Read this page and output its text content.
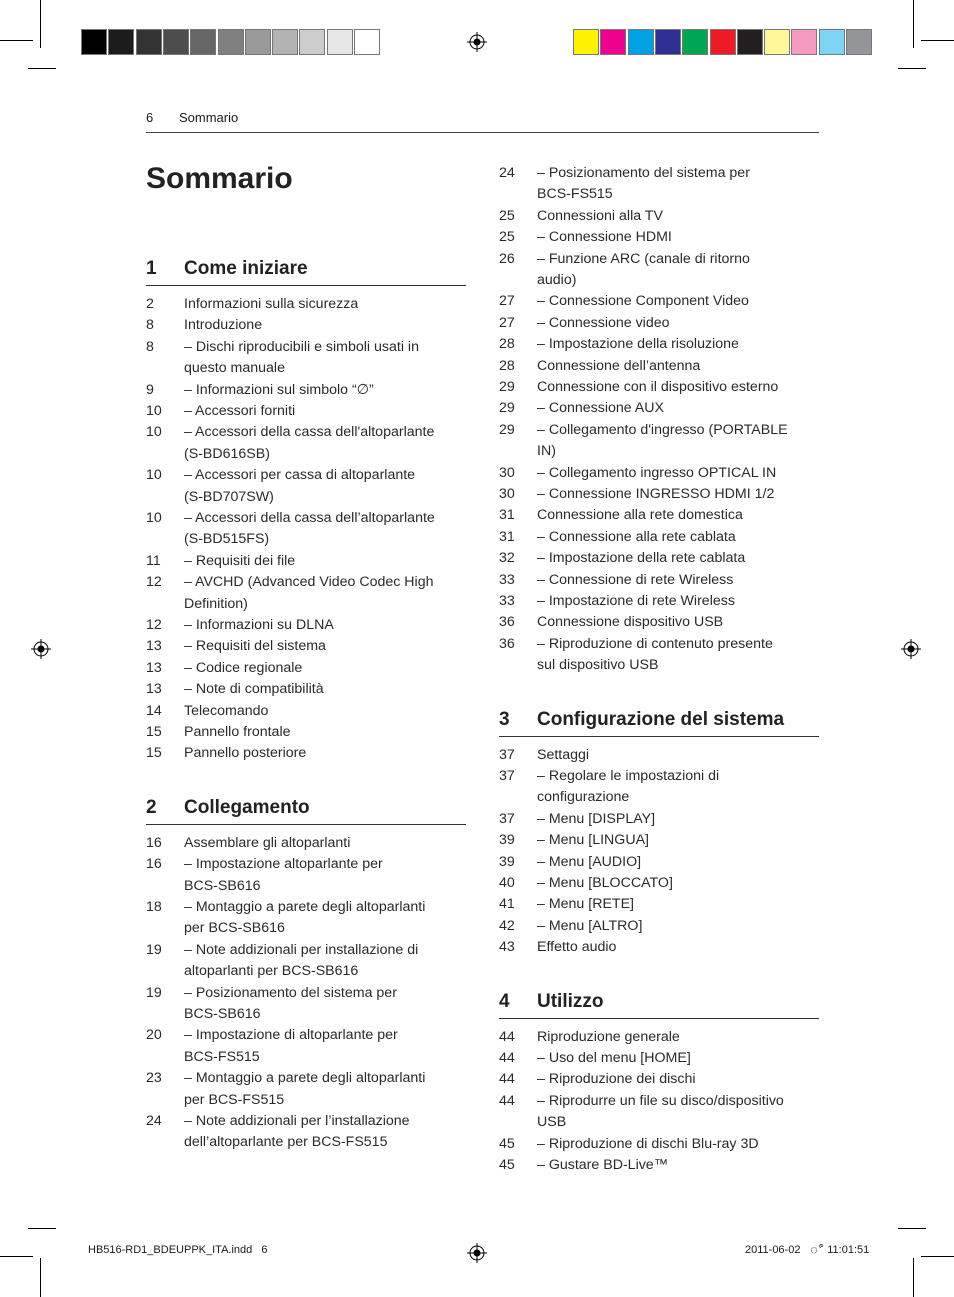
6 Sommario
Sommario
1 Come iniziare
2	Informazioni sulla sicurezza
8	Introduzione
8	– Dischi riproducibili e simboli usati in
questo manuale
9	– Informazioni sul simbolo “∅”
10	– Accessori forniti
10	– Accessori della cassa dell'altoparlante
(S-BD616SB)
10	– Accessori per cassa di altoparlante
(S-BD707SW)
10	– Accessori della cassa dell’altoparlante
(S-BD515FS)
11	– Requisiti dei file
12	– AVCHD (Advanced Video Codec High
Definition)
12	– Informazioni su DLNA
13	– Requisiti del sistema
13	– Codice regionale
13	– Note di compatibilità
14	Telecomando
15	Pannello frontale
15	Pannello posteriore
2 Collegamento
16	Assemblare gli altoparlanti
16	– Impostazione altoparlante per
BCS-SB616
18	– Montaggio a parete degli altoparlanti
per BCS-SB616
19	– Note addizionali per installazione di
altoparlanti per BCS-SB616
19	– Posizionamento del sistema per
BCS-SB616
20	– Impostazione di altoparlante per
BCS-FS515
23	– Montaggio a parete degli altoparlanti
per BCS-FS515
24	– Note addizionali per l’installazione
dell’altoparlante per BCS-FS515
24	– Posizionamento del sistema per
BCS-FS515
25	Connessioni alla TV
25	– Connessione HDMI
26	– Funzione ARC (canale di ritorno
audio)
27	– Connessione Component Video
27	– Connessione video
28	– Impostazione della risoluzione
28	Connessione dell’antenna
29	Connessione con il dispositivo esterno
29	– Connessione AUX
29	– Collegamento d'ingresso (PORTABLE
IN)
30	– Collegamento ingresso OPTICAL IN
30	– Connessione INGRESSO HDMI 1/2
31	Connessione alla rete domestica
31	– Connessione alla rete cablata
32	– Impostazione della rete cablata
33	– Connessione di rete Wireless
33	– Impostazione di rete Wireless
36	Connessione dispositivo USB
36	– Riproduzione di contenuto presente
sul dispositivo USB
3 Configurazione del sistema
37	Settaggi
37	– Regolare le impostazioni di
configurazione
37	– Menu [DISPLAY]
39	– Menu [LINGUA]
39	– Menu [AUDIO]
40	– Menu [BLOCCATO]
41	– Menu [RETE]
42	– Menu [ALTRO]
43	Effetto audio
4 Utilizzo
44	Riproduzione generale
44	– Uso del menu [HOME]
44	– Riproduzione dei dischi
44	– Riprodurre un file su disco/dispositivo
USB
45	– Riproduzione di dischi Blu-ray 3D
45	– Gustare BD-Live™
HB516-RD1_BDEUPPK_ITA.indd   6	2011-06-02   ீ 11:01:51
